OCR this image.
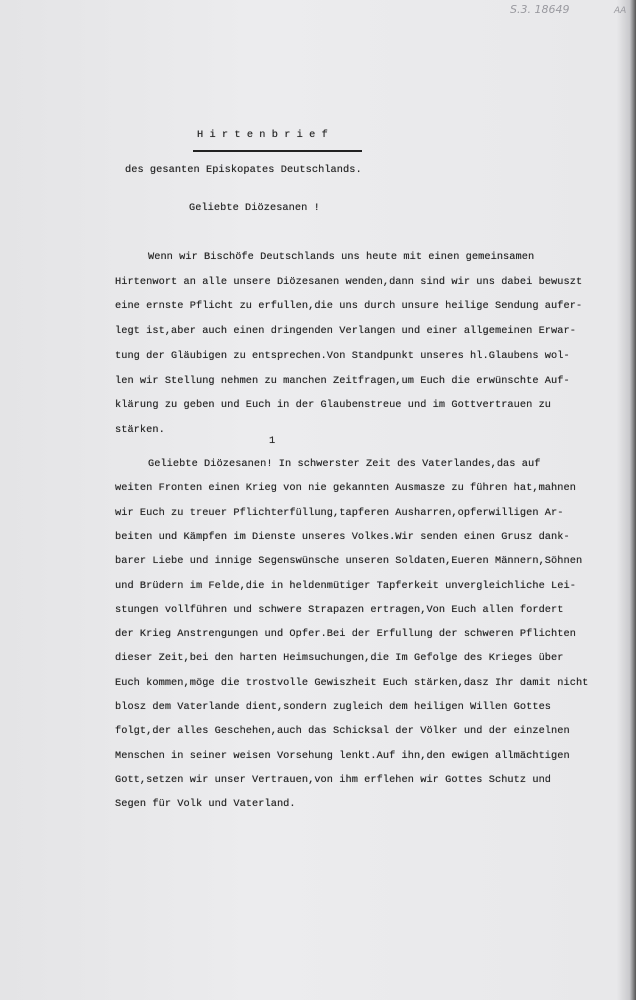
S.3. 18649	AA
H i r t e n b r i e f
des gesanten Episkopates Deutschlands.
Geliebte Diözesanen !
Wenn wir Bischöfe Deutschlands uns heute mit einen gemeinsamen
Hirtenwort an alle unsere Diözesanen wenden,dann sind wir uns dabei bewuszt
eine ernste Pflicht zu erfullen,die uns durch unsure heilige Sendung aufer-
legt ist,aber auch einen dringenden Verlangen und einer allgemeinen Erwar-
tung der Gläubigen zu entsprechen.Von Standpunkt unseres hl.Glaubens wol-
len wir Stellung nehmen zu manchen Zeitfragen,um Euch die erwünschte Auf-
klärung zu geben und Euch in der Glaubenstreue und im Gottvertrauen zu
stärken.
1
Geliebte Diözesanen! In schwerster Zeit des Vaterlandes,das auf
weiten Fronten einen Krieg von nie gekannten Ausmasze zu führen hat,mahnen
wir Euch zu treuer Pflichterfüllung,tapferen Ausharren,opferwilligen Ar-
beiten und Kämpfen im Dienste unseres Volkes.Wir senden einen Grusz dank-
barer Liebe und innige Segenswünsche unseren Soldaten,Eueren Männern,Söhnen
und Brüdern im Felde,die in heldenmütiger Tapferkeit unvergleichliche Lei-
stungen vollführen und schwere Strapazen ertragen,Von Euch allen fordert
der Krieg Anstrengungen und Opfer.Bei der Erfullung der schweren Pflichten
dieser Zeit,bei den harten Heimsuchungen,die Im Gefolge des Krieges über
Euch kommen,möge die trostvolle Gewiszheit Euch stärken,dasz Ihr damit nicht
blosz dem Vaterlande dient,sondern zugleich dem heiligen Willen Gottes
folgt,der alles Geschehen,auch das Schicksal der Völker und der einzelnen
Menschen in seiner weisen Vorsehung lenkt.Auf ihn,den ewigen allmächtigen
Gott,setzen wir unser Vertrauen,von ihm erflehen wir Gottes Schutz und
Segen für Volk und Vaterland.
